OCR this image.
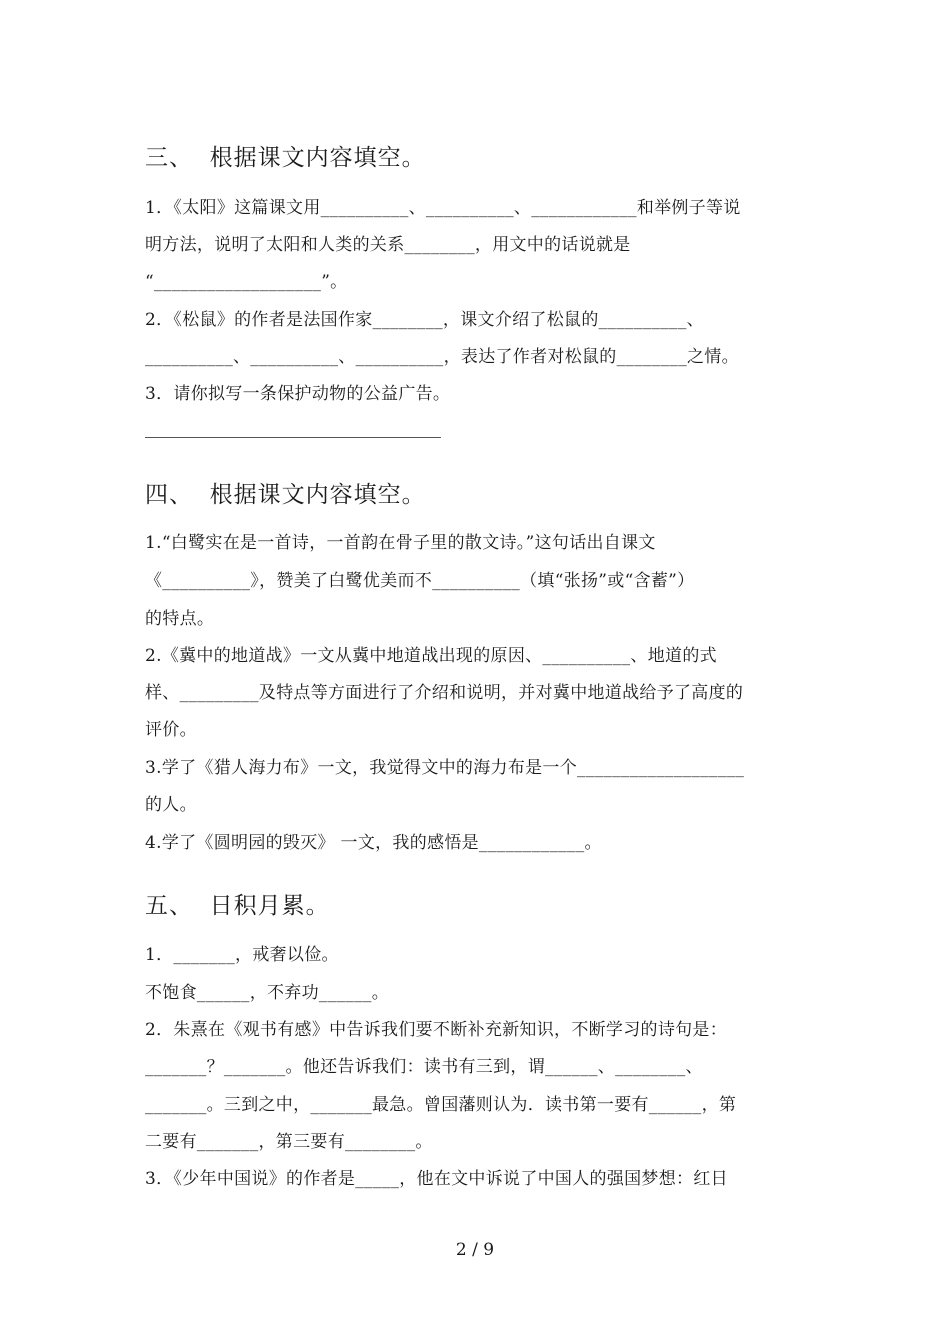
三、  根据课文内容填空。
1．《太阳》这篇课文用__________、__________、____________和举例子等说
明方法，说明了太阳和人类的关系________，用文中的话说就是
“___________________”。
2．《松鼠》的作者是法国作家________，课文介绍了松鼠的__________、
__________、__________、__________，表达了作者对松鼠的________之情。
3．请你拟写一条保护动物的公益广告。
四、  根据课文内容填空。
1.“白鹭实在是一首诗，一首韵在骨子里的散文诗。”这句话出自课文
《__________》，赞美了白鹭优美而不__________（填“张扬”或“含蓄”）
的特点。
2.《冀中的地道战》一文从冀中地道战出现的原因、__________、地道的式
样、_________及特点等方面进行了介绍和说明，并对冀中地道战给予了高度的
评价。
3.学了《猎人海力布》一文，我觉得文中的海力布是一个___________________
的人。
4.学了《圆明园的毁灭》 一文，我的感悟是____________。
五、  日积月累。
1．_______，戒奢以俭。
不饱食______，不弃功______。
2．朱熹在《观书有感》中告诉我们要不断补充新知识，不断学习的诗句是：
_______？_______。他还告诉我们：读书有三到，谓______、________、
_______。三到之中，_______最急。曾国藩则认为．读书第一要有______，第
二要有_______，第三要有________。
3．《少年中国说》的作者是_____，他在文中诉说了中国人的强国梦想：红日
2 / 9
